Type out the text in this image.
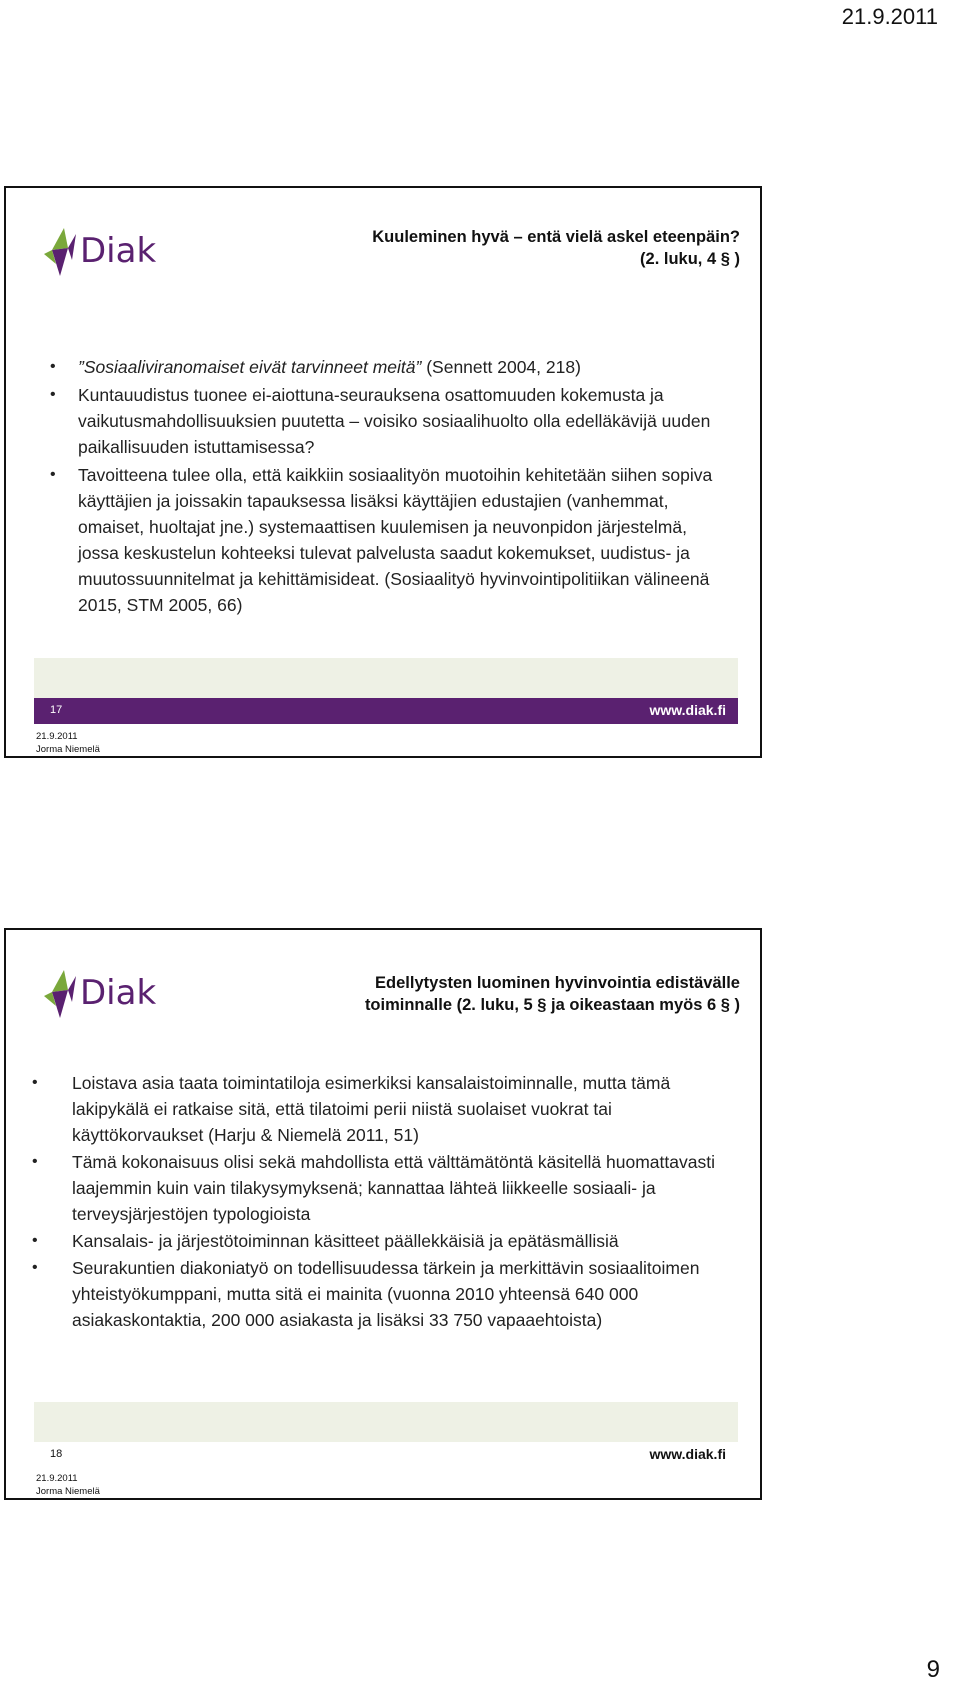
21.9.2011
Diak	Kuuleminen hyvä – entä vielä askel eteenpäin?
(2. luku, 4 § )
• ”Sosiaaliviranomaiset eivät tarvinneet meitä” (Sennett 2004, 218)
• Kuntauudistus tuonee ei-aiottuna-seurauksena osattomuuden kokemusta ja vaikutusmahdollisuuksien puutetta – voisiko sosiaalihuolto olla edelläkävijä uuden paikallisuuden istuttamisessa?
• Tavoitteena tulee olla, että kaikkiin sosiaalityön muotoihin kehitetään siihen sopiva käyttäjien ja joissakin tapauksessa lisäksi käyttäjien edustajien (vanhemmat, omaiset, huoltajat jne.) systemaattisen kuulemisen ja neuvonpidon järjestelmä, jossa keskustelun kohteeksi tulevat palvelusta saadut kokemukset, uudistus- ja muutossuunnitelmat ja kehittämisideat. (Sosiaalityö hyvinvointipolitiikan välineenä 2015, STM 2005, 66)
17	www.diak.fi
21.9.2011
Jorma Niemelä
Diak	Edellytysten luominen hyvinvointia edistävälle
toiminnalle (2. luku, 5 § ja oikeastaan myös 6 § )
• Loistava asia taata toimintatiloja esimerkiksi kansalaistoiminnalle, mutta tämä lakipykälä ei ratkaise sitä, että tilatoimi perii niistä suolaiset vuokrat tai käyttökorvaukset (Harju & Niemelä 2011, 51)
• Tämä kokonaisuus olisi sekä mahdollista että välttämätöntä käsitellä huomattavasti laajemmin kuin vain tilakysymyksenä; kannattaa lähteä liikkeelle sosiaali- ja terveysjärjestöjen typologioista
• Kansalais- ja järjestötoiminnan käsitteet päällekkäisiä ja epätäsmällisiä
• Seurakuntien diakoniatyö on todellisuudessa tärkein ja merkittävin sosiaalitoimen yhteistyökumppani, mutta sitä ei mainita (vuonna 2010 yhteensä 640 000 asiakaskontaktia, 200 000 asiakasta ja lisäksi 33 750 vapaaehtoista)
18	www.diak.fi
21.9.2011
Jorma Niemelä
9
